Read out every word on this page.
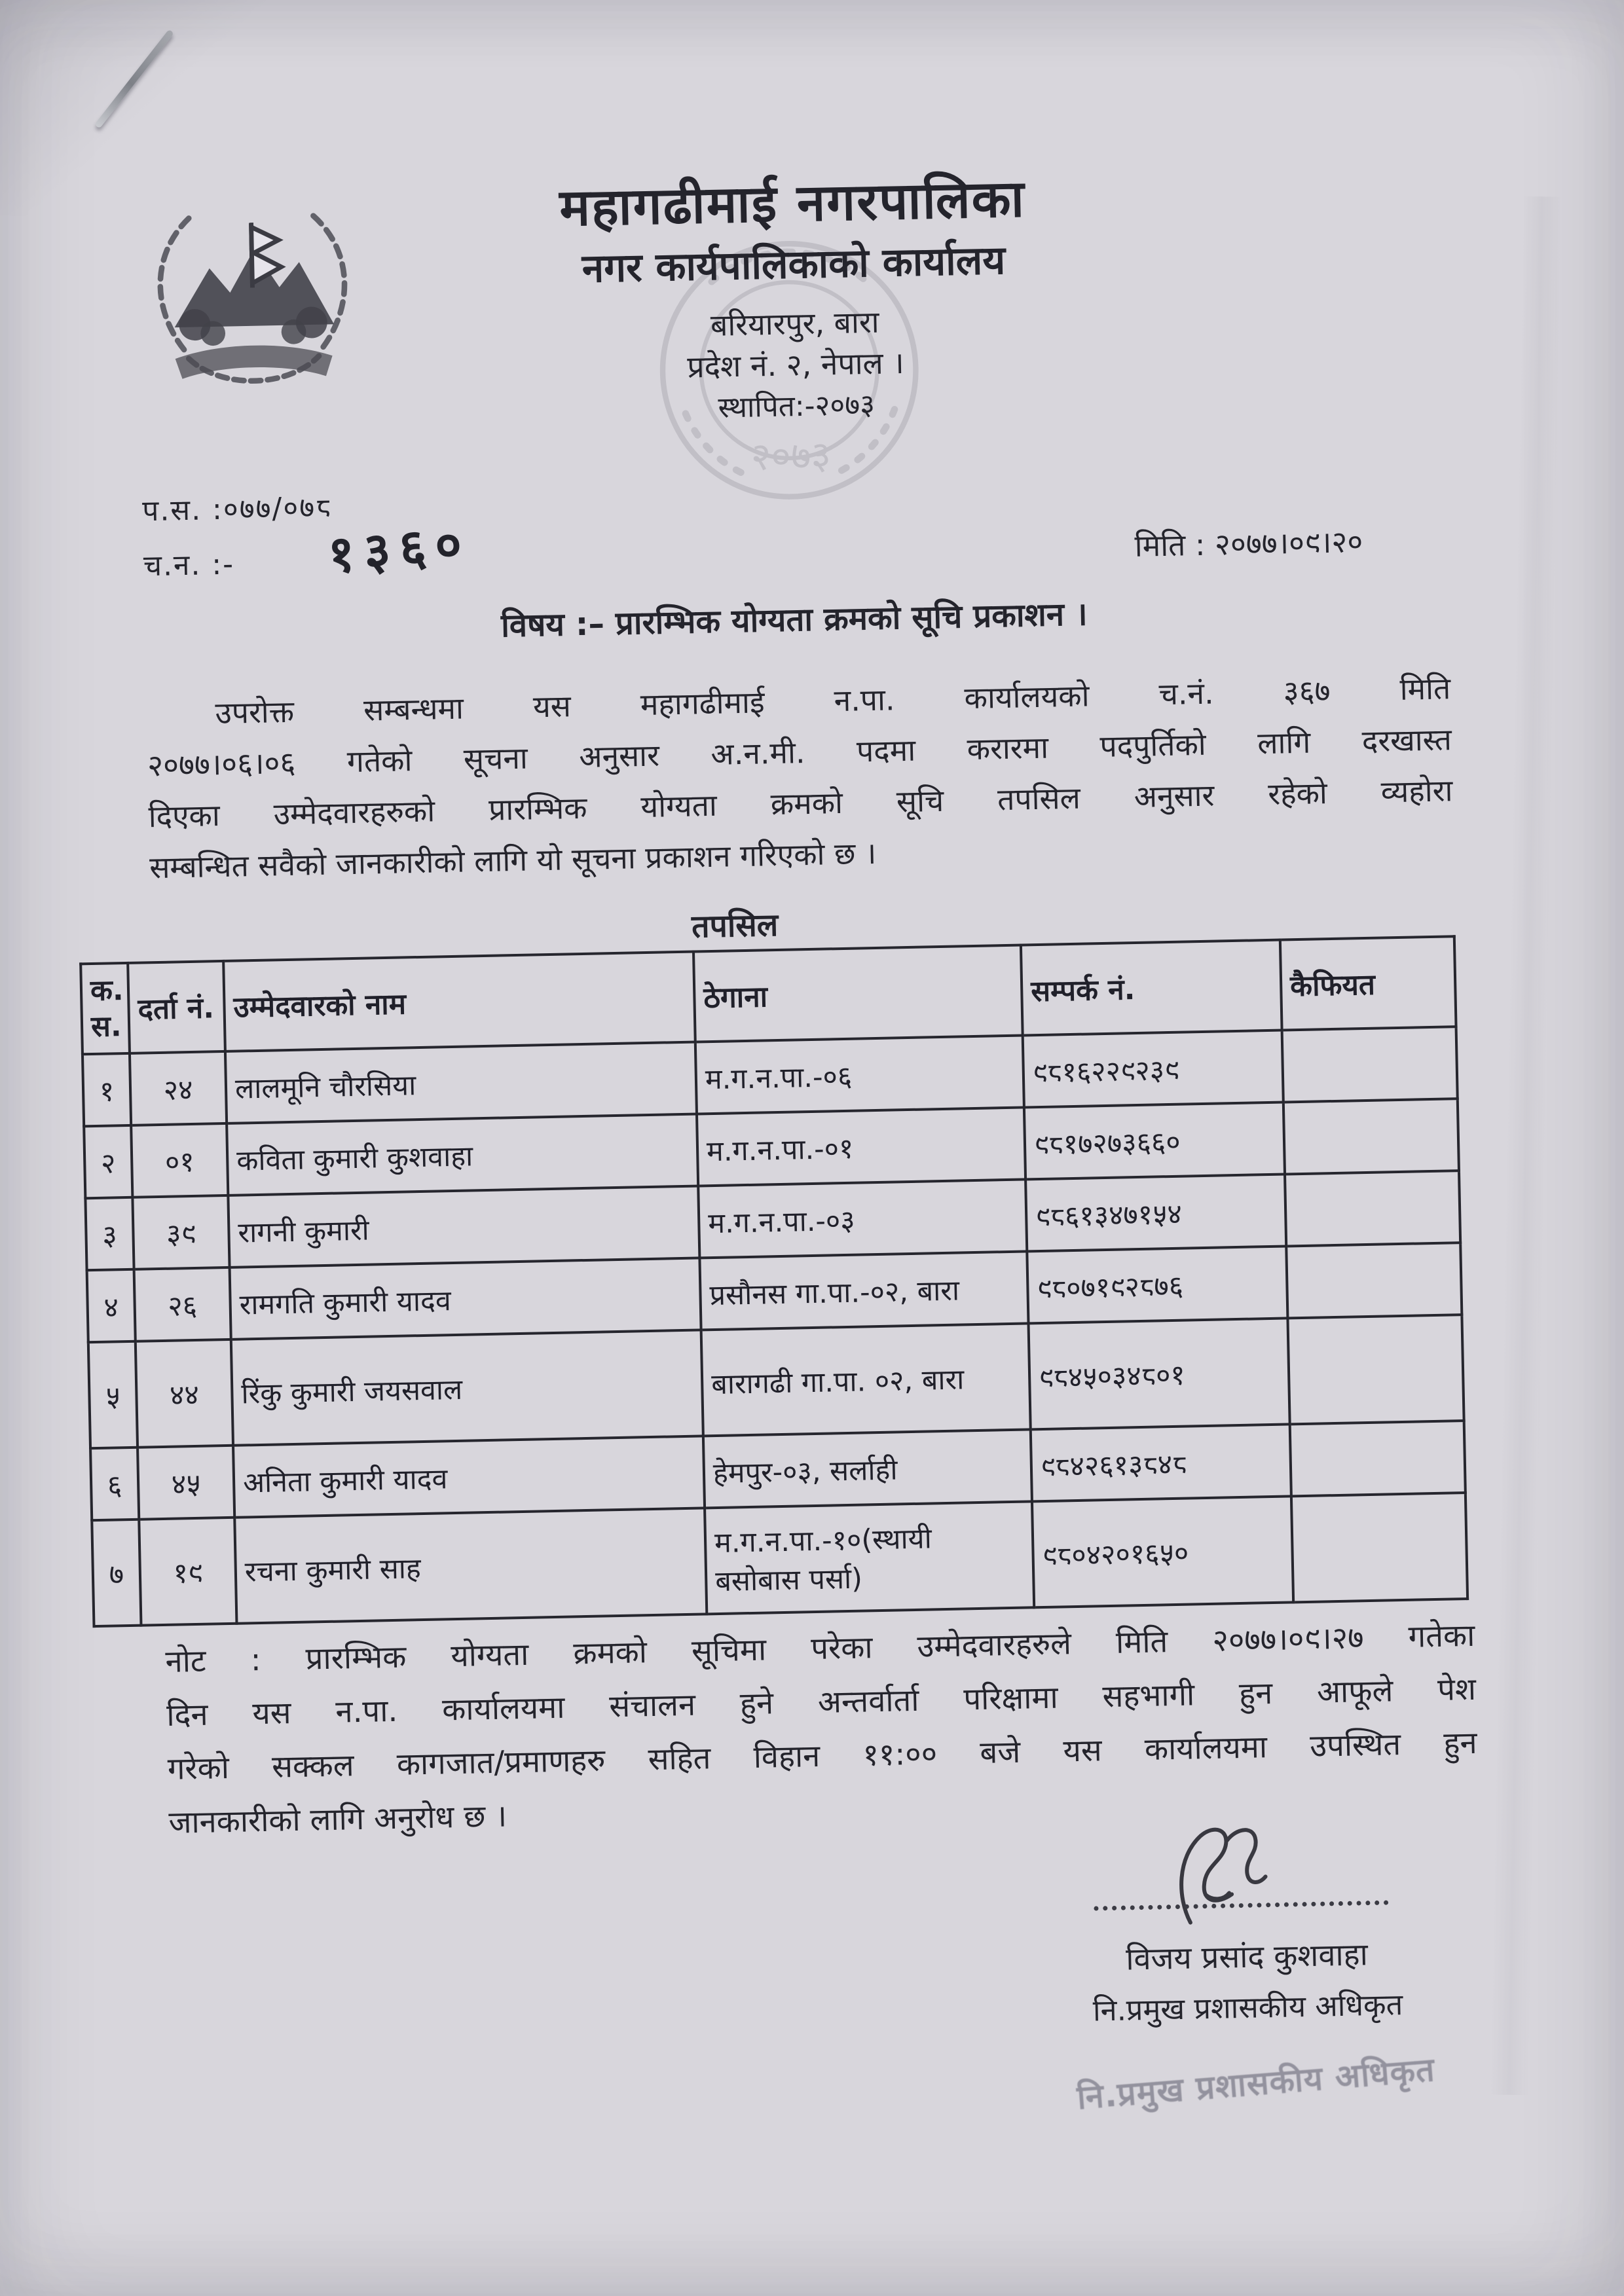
२०७३
महागढीमाई नगरपालिका
नगर कार्यपालिकाको कार्यालय
बरियारपुर, बारा
प्रदेश नं. २, नेपाल ।
स्थापित:-२०७३
प.स. :०७७/०७८
च.न. :- १३६०	मिति : २०७७।०९।२०
विषय :– प्रारम्भिक योग्यता क्रमको सूचि प्रकाशन ।
उपरोक्त सम्बन्धमा यस महागढीमाई न.पा. कार्यालयको च.नं. ३६७ मिति
२०७७।०६।०६ गतेको सूचना अनुसार अ.न.मी. पदमा करारमा पदपुर्तिको लागि दरखास्त
दिएका उम्मेदवारहरुको प्रारम्भिक योग्यता क्रमको सूचि तपसिल अनुसार रहेको व्यहोरा
सम्बन्धित सवैको जानकारीको लागि यो सूचना प्रकाशन गरिएको छ ।
तपसिल
क.
स.	दर्ता नं.	उम्मेदवारको नाम	ठेगाना	सम्पर्क नं.	कैफियत
१	२४	लालमूनि चौरसिया	म.ग.न.पा.-०६	९८१६२२९२३९	
२	०१	कविता कुमारी कुशवाहा	म.ग.न.पा.-०१	९८१७२७३६६०	
३	३९	रागनी कुमारी	म.ग.न.पा.-०३	९८६१३४७१५४	
४	२६	रामगति कुमारी यादव	प्रसौनस गा.पा.-०२, बारा	९८०७१९२८७६	
५	४४	रिंकु कुमारी जयसवाल	बारागढी गा.पा. ०२, बारा	९८४५०३४८०१	
६	४५	अनिता कुमारी यादव	हेमपुर-०३, सर्लाही	९८४२६१३८४८	
७	१९	रचना कुमारी साह	म.ग.न.पा.-१०(स्थायी बसोबास पर्सा)	९८०४२०१६५०	
नोट : प्रारम्भिक योग्यता क्रमको सूचिमा परेका उम्मेदवारहरुले मिति २०७७।०९।२७ गतेका
दिन यस न.पा. कार्यालयमा संचालन हुने अन्तर्वार्ता परिक्षामा सहभागी हुन आफूले पेश
गरेको सक्कल कागजात/प्रमाणहरु सहित विहान ११:०० बजे यस कार्यालयमा उपस्थित हुन
जानकारीको लागि अनुरोध छ ।
विजय प्रसांद कुशवाहा
नि.प्रमुख प्रशासकीय अधिकृत
नि.प्रमुख प्रशासकीय अधिकृत
